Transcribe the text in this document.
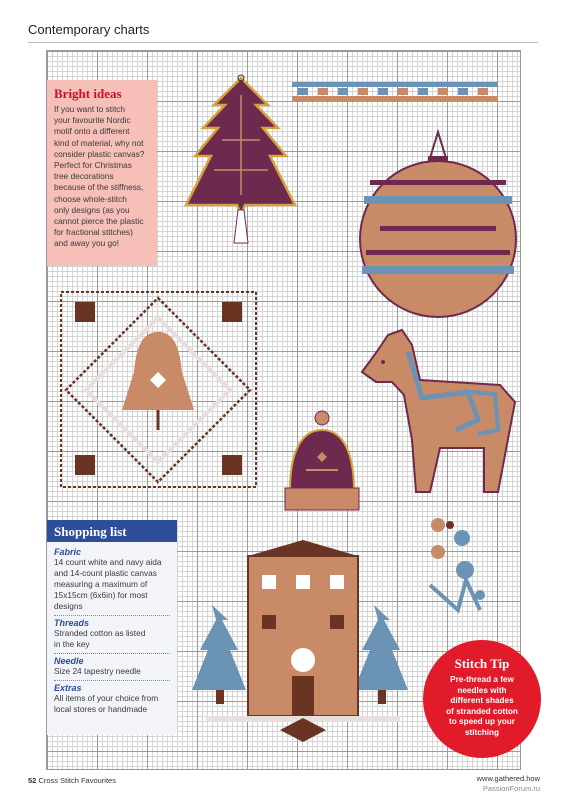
Contemporary charts
Bright ideas

If you want to stitch
your favourite Nordic
motif onto a different
kind of material, why not
consider plastic canvas?
Perfect for Christmas
tree decorations
because of the stiffness,
choose whole-stitch
only designs (as you
cannot pierce the plastic
for fractional stitches)
and away you go!

Shopping list
Fabric
14 count white and navy aida
and 14-count plastic canvas
measuring a maximum of
15x15cm (6x6in) for most
designs
Threads
Stranded cotton as listed
in the key
Needle
Size 24 tapestry needle
Extras
All items of your choice from
local stores or handmade
Stitch Tip

Pre-thread a few
needles with
different shades
of stranded cotton
to speed up your
stitching

52 Cross Stitch Favourites	www.gathered.how
PassionForum.ru
